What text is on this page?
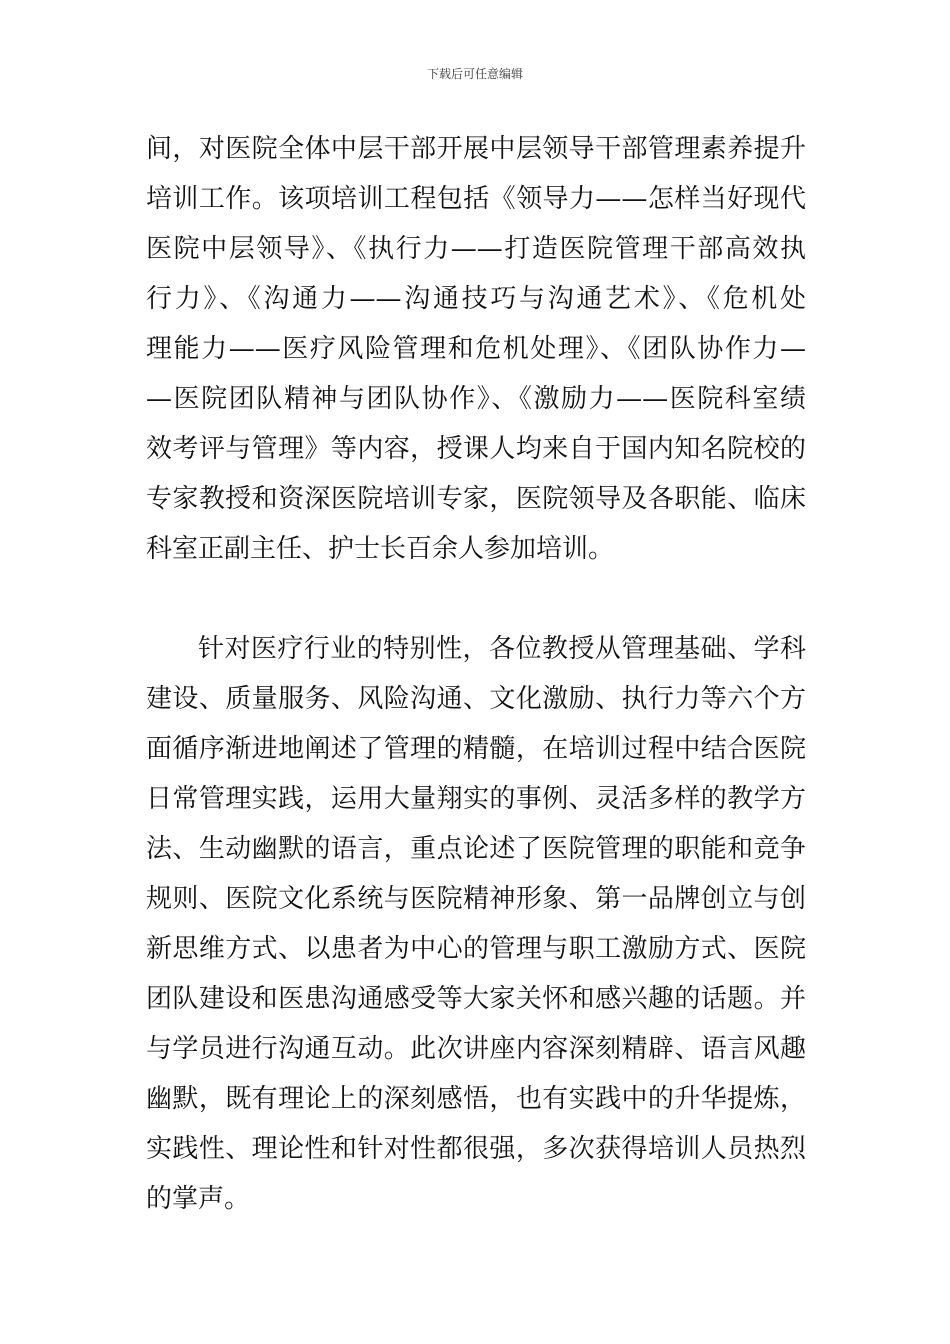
下载后可任意编辑
间，对医院全体中层干部开展中层领导干部管理素养提升
培训工作。该项培训工程包括《领导力——怎样当好现代
医院中层领导》、《执行力——打造医院管理干部高效执
行力》、《沟通力——沟通技巧与沟通艺术》、《危机处
理能力——医疗风险管理和危机处理》、《团队协作力—
—医院团队精神与团队协作》、《激励力——医院科室绩
效考评与管理》等内容，授课人均来自于国内知名院校的
专家教授和资深医院培训专家，医院领导及各职能、临床
科室正副主任、护士长百余人参加培训。
针对医疗行业的特别性，各位教授从管理基础、学科
建设、质量服务、风险沟通、文化激励、执行力等六个方
面循序渐进地阐述了管理的精髓，在培训过程中结合医院
日常管理实践，运用大量翔实的事例、灵活多样的教学方
法、生动幽默的语言，重点论述了医院管理的职能和竞争
规则、医院文化系统与医院精神形象、第一品牌创立与创
新思维方式、以患者为中心的管理与职工激励方式、医院
团队建设和医患沟通感受等大家关怀和感兴趣的话题。并
与学员进行沟通互动。此次讲座内容深刻精辟、语言风趣
幽默，既有理论上的深刻感悟，也有实践中的升华提炼，
实践性、理论性和针对性都很强，多次获得培训人员热烈
的掌声。
